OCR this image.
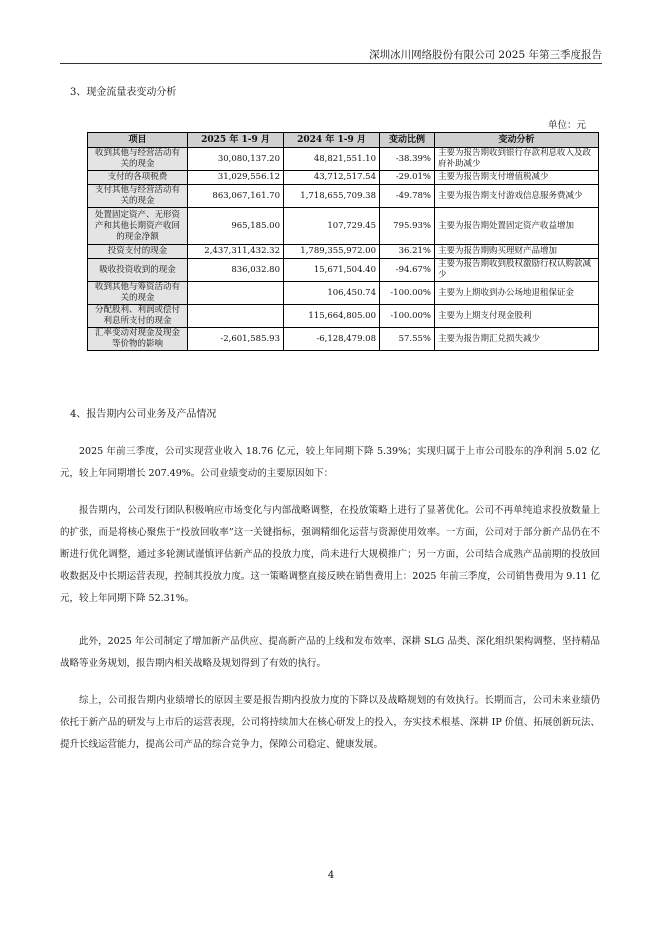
深圳冰川网络股份有限公司 2025 年第三季度报告
3、现金流量表变动分析
单位：元
项目	2025 年 1-9 月	2024 年 1-9 月	变动比例	变动分析
收到其他与经营活动有关的现金	30,080,137.20	48,821,551.10	-38.39%	主要为报告期收到银行存款利息收入及政府补助减少
支付的各项税费	31,029,556.12	43,712,517.54	-29.01%	主要为报告期支付增值税减少
支付其他与经营活动有关的现金	863,067,161.70	1,718,655,709.38	-49.78%	主要为报告期支付游戏信息服务费减少
处置固定资产、无形资产和其他长期资产收回的现金净额	965,185.00	107,729.45	795.93%	主要为报告期处置固定资产收益增加
投资支付的现金	2,437,311,432.32	1,789,355,972.00	36.21%	主要为报告期购买理财产品增加
吸收投资收到的现金	836,032.80	15,671,504.40	-94.67%	主要为报告期收到股权激励行权认购款减少
收到其他与筹资活动有关的现金		106,450.74	-100.00%	主要为上期收到办公场地退租保证金
分配股利、利润或偿付利息所支付的现金		115,664,805.00	-100.00%	主要为上期支付现金股利
汇率变动对现金及现金等价物的影响	-2,601,585.93	-6,128,479.08	57.55%	主要为报告期汇兑损失减少
4、报告期内公司业务及产品情况
2025 年前三季度，公司实现营业收入 18.76 亿元，较上年同期下降 5.39%；实现归属于上市公司股东的净利润 5.02 亿元，较上年同期增长 207.49%。公司业绩变动的主要原因如下：
报告期内，公司发行团队积极响应市场变化与内部战略调整，在投放策略上进行了显著优化。公司不再单纯追求投放数量上的扩张，而是将核心聚焦于“投放回收率”这一关键指标，强调精细化运营与资源使用效率。一方面，公司对于部分新产品仍在不断进行优化调整，通过多轮测试谨慎评估新产品的投放力度，尚未进行大规模推广；另一方面，公司结合成熟产品前期的投放回收数据及中长期运营表现，控制其投放力度。这一策略调整直接反映在销售费用上：2025 年前三季度，公司销售费用为 9.11 亿元，较上年同期下降 52.31%。
此外，2025 年公司制定了增加新产品供应、提高新产品的上线和发布效率、深耕 SLG 品类、深化组织架构调整、坚持精品战略等业务规划，报告期内相关战略及规划得到了有效的执行。
综上，公司报告期内业绩增长的原因主要是报告期内投放力度的下降以及战略规划的有效执行。长期而言，公司未来业绩仍依托于新产品的研发与上市后的运营表现，公司将持续加大在核心研发上的投入，夯实技术根基、深耕 IP 价值、拓展创新玩法、提升长线运营能力，提高公司产品的综合竞争力，保障公司稳定、健康发展。
4
